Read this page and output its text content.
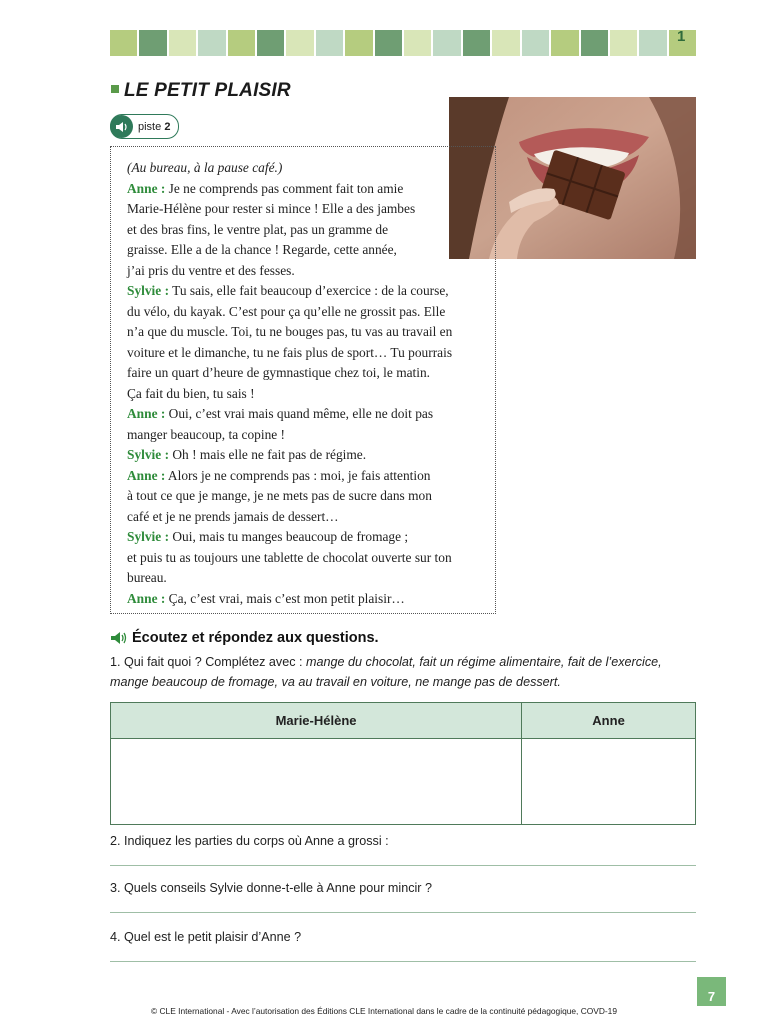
1
LE PETIT PLAISIR
piste 2
(Au bureau, à la pause café.)
Anne : Je ne comprends pas comment fait ton amie
Marie-Hélène pour rester si mince ! Elle a des jambes
et des bras fins, le ventre plat, pas un gramme de
graisse. Elle a de la chance ! Regarde, cette année,
j’ai pris du ventre et des fesses.
Sylvie : Tu sais, elle fait beaucoup d’exercice : de la course,
du vélo, du kayak. C’est pour ça qu’elle ne grossit pas. Elle
n’a que du muscle. Toi, tu ne bouges pas, tu vas au travail en
voiture et le dimanche, tu ne fais plus de sport… Tu pourrais
faire un quart d’heure de gymnastique chez toi, le matin.
Ça fait du bien, tu sais !
Anne : Oui, c’est vrai mais quand même, elle ne doit pas
manger beaucoup, ta copine !
Sylvie : Oh ! mais elle ne fait pas de régime.
Anne : Alors je ne comprends pas : moi, je fais attention
à tout ce que je mange, je ne mets pas de sucre dans mon
café et je ne prends jamais de dessert…
Sylvie : Oui, mais tu manges beaucoup de fromage ;
et puis tu as toujours une tablette de chocolat ouverte sur ton
bureau.
Anne : Ça, c’est vrai, mais c’est mon petit plaisir…
Écoutez et répondez aux questions.
1. Qui fait quoi ? Complétez avec : mange du chocolat, fait un régime alimentaire, fait de l’exercice, mange beaucoup de fromage, va au travail en voiture, ne mange pas de dessert.
Marie-Hélène	Anne

2. Indiquez les parties du corps où Anne a grossi :
3. Quels conseils Sylvie donne-t-elle à Anne pour mincir ?
4. Quel est le petit plaisir d’Anne ?
7
© CLE International - Avec l’autorisation des Éditions CLE International dans le cadre de la continuité pédagogique, COVD-19
